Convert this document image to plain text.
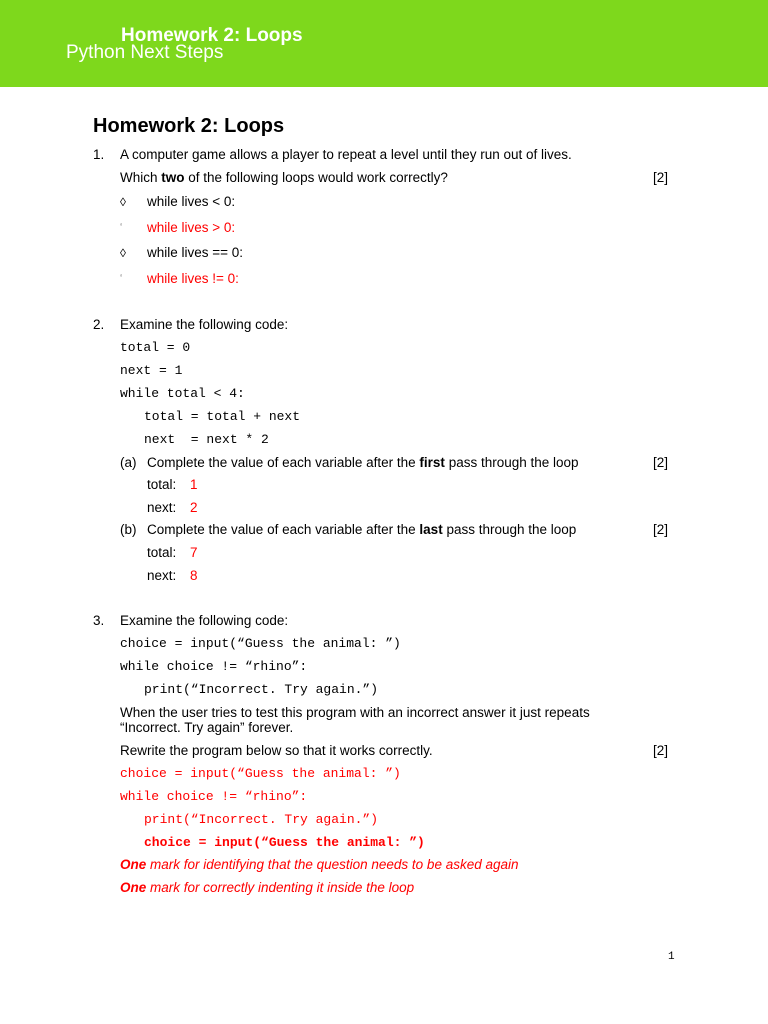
Homework 2: Loops
Python Next Steps
Homework 2: Loops
1. A computer game allows a player to repeat a level until they run out of lives.
Which two of the following loops would work correctly?	[2]
◊ while lives < 0:
‘ while lives > 0:
◊ while lives == 0:
‘ while lives != 0:
2. Examine the following code:
total = 0
next = 1
while total < 4:
total = total + next
next  = next * 2
(a) Complete the value of each variable after the first pass through the loop	[2]
total: 1
next: 2
(b) Complete the value of each variable after the last pass through the loop	[2]
total: 7
next: 8
3. Examine the following code:
choice = input(“Guess the animal: ”)
while choice != “rhino”:
print(“Incorrect. Try again.”)
When the user tries to test this program with an incorrect answer it just repeats
“Incorrect. Try again” forever.
Rewrite the program below so that it works correctly.	[2]
choice = input(“Guess the animal: ”)
while choice != “rhino”:
print(“Incorrect. Try again.”)
choice = input(“Guess the animal: ”)
One mark for identifying that the question needs to be asked again
One mark for correctly indenting it inside the loop
1
